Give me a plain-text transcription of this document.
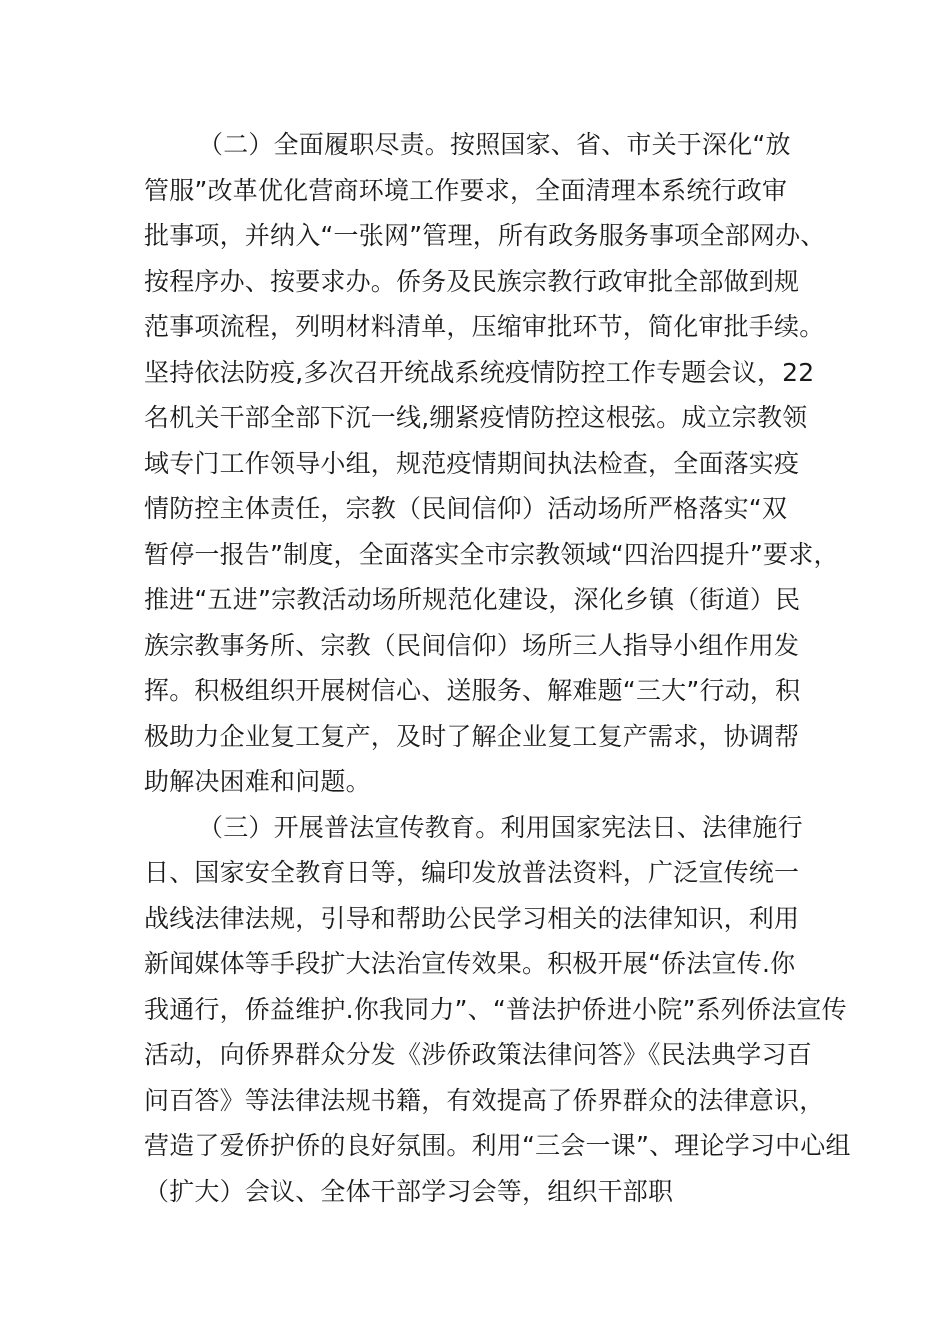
（二）全面履职尽责。按照国家、省、市关于深化“放
管服”改革优化营商环境工作要求，全面清理本系统行政审
批事项，并纳入“一张网”管理，所有政务服务事项全部网办、
按程序办、按要求办。侨务及民族宗教行政审批全部做到规
范事项流程，列明材料清单，压缩审批环节，简化审批手续。
坚持依法防疫,多次召开统战系统疫情防控工作专题会议，22
名机关干部全部下沉一线,绷紧疫情防控这根弦。成立宗教领
域专门工作领导小组，规范疫情期间执法检查，全面落实疫
情防控主体责任，宗教（民间信仰）活动场所严格落实“双
暂停一报告”制度，全面落实全市宗教领域“四治四提升”要求，
推进“五进”宗教活动场所规范化建设，深化乡镇（街道）民
族宗教事务所、宗教（民间信仰）场所三人指导小组作用发
挥。积极组织开展树信心、送服务、解难题“三大”行动，积
极助力企业复工复产，及时了解企业复工复产需求，协调帮
助解决困难和问题。
（三）开展普法宣传教育。利用国家宪法日、法律施行
日、国家安全教育日等，编印发放普法资料，广泛宣传统一
战线法律法规，引导和帮助公民学习相关的法律知识，利用
新闻媒体等手段扩大法治宣传效果。积极开展“侨法宣传.你
我通行，侨益维护.你我同力”、“普法护侨进小院”系列侨法宣传
活动，向侨界群众分发《涉侨政策法律问答》《民法典学习百
问百答》等法律法规书籍，有效提高了侨界群众的法律意识，
营造了爱侨护侨的良好氛围。利用“三会一课”、理论学习中心组
（扩大）会议、全体干部学习会等，组织干部职
